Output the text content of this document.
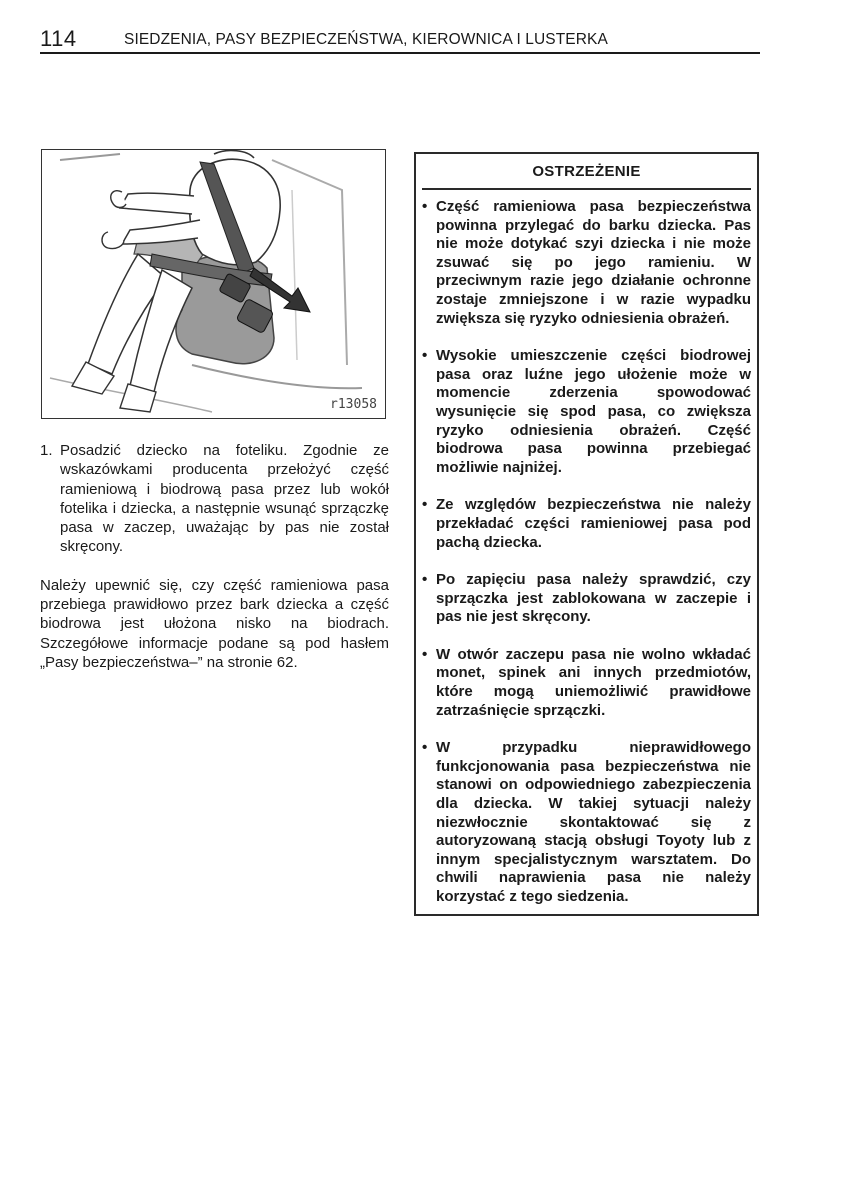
114	SIEDZENIA, PASY BEZPIECZEŃSTWA, KIEROWNICA I LUSTERKA
r13058

1. Posadzić dziecko na foteliku. Zgodnie ze wskazówkami producenta przełożyć część ramieniową i biodrową pasa przez lub wokół fotelika i dziecka, a następnie wsunąć sprzączkę pasa w zaczep, uważając by pas nie został skręcony.

Należy upewnić się, czy część ramieniowa pasa przebiega prawidłowo przez bark dziecka a część biodrowa jest ułożona nisko na biodrach. Szczegółowe informacje podane są pod hasłem „Pasy bezpieczeństwa–” na stronie 62.

OSTRZEŻENIE
• Część ramieniowa pasa bezpieczeństwa powinna przylegać do barku dziecka. Pas nie może dotykać szyi dziecka i nie może zsuwać się po jego ramieniu. W przeciwnym razie jego działanie ochronne zostaje zmniejszone i w razie wypadku zwiększa się ryzyko odniesienia obrażeń.
• Wysokie umieszczenie części biodrowej pasa oraz luźne jego ułożenie może w momencie zderzenia spowodować wysunięcie się spod pasa, co zwiększa ryzyko odniesienia obrażeń. Część biodrowa pasa powinna przebiegać możliwie najniżej.
• Ze względów bezpieczeństwa nie należy przekładać części ramieniowej pasa pod pachą dziecka.
• Po zapięciu pasa należy sprawdzić, czy sprzączka jest zablokowana w zaczepie i pas nie jest skręcony.
• W otwór zaczepu pasa nie wolno wkładać monet, spinek ani innych przedmiotów, które mogą uniemożliwić prawidłowe zatrzaśnięcie sprzączki.
• W przypadku nieprawidłowego funkcjonowania pasa bezpieczeństwa nie stanowi on odpowiedniego zabezpieczenia dla dziecka. W takiej sytuacji należy niezwłocznie skontaktować się z autoryzowaną stacją obsługi Toyoty lub z innym specjalistycznym warsztatem. Do chwili naprawienia pasa nie należy korzystać z tego siedzenia.
